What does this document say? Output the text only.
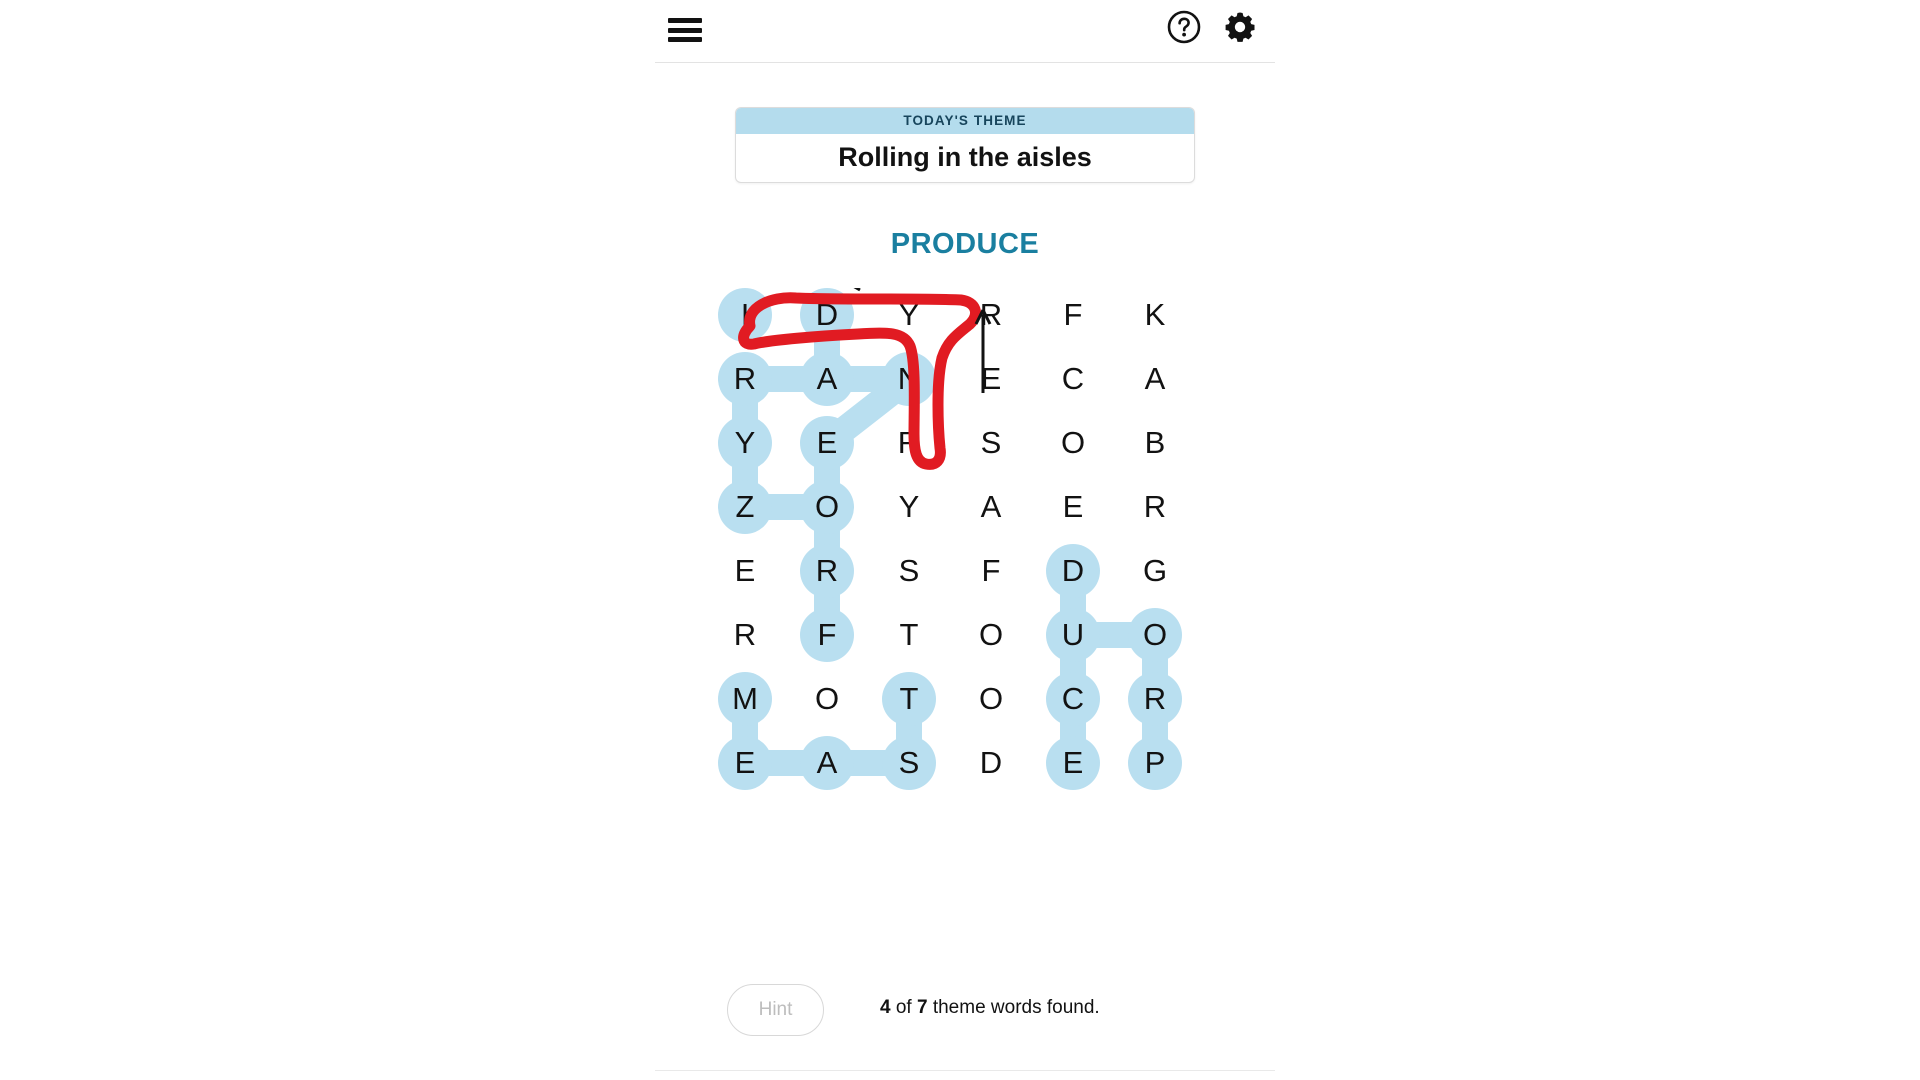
TODAY'S THEME
Rolling in the aisles
PRODUCE
I	D	Y	R	F	K
R	A	N	E	C	A
Y	E	R	S	O	B
Z	O	Y	A	E	R
E	R	S	F	D	G
R	F	T	O	U	O
M	O	T	O	C	R
E	A	S	D	E	P
Hint	4 of 7 theme words found.
